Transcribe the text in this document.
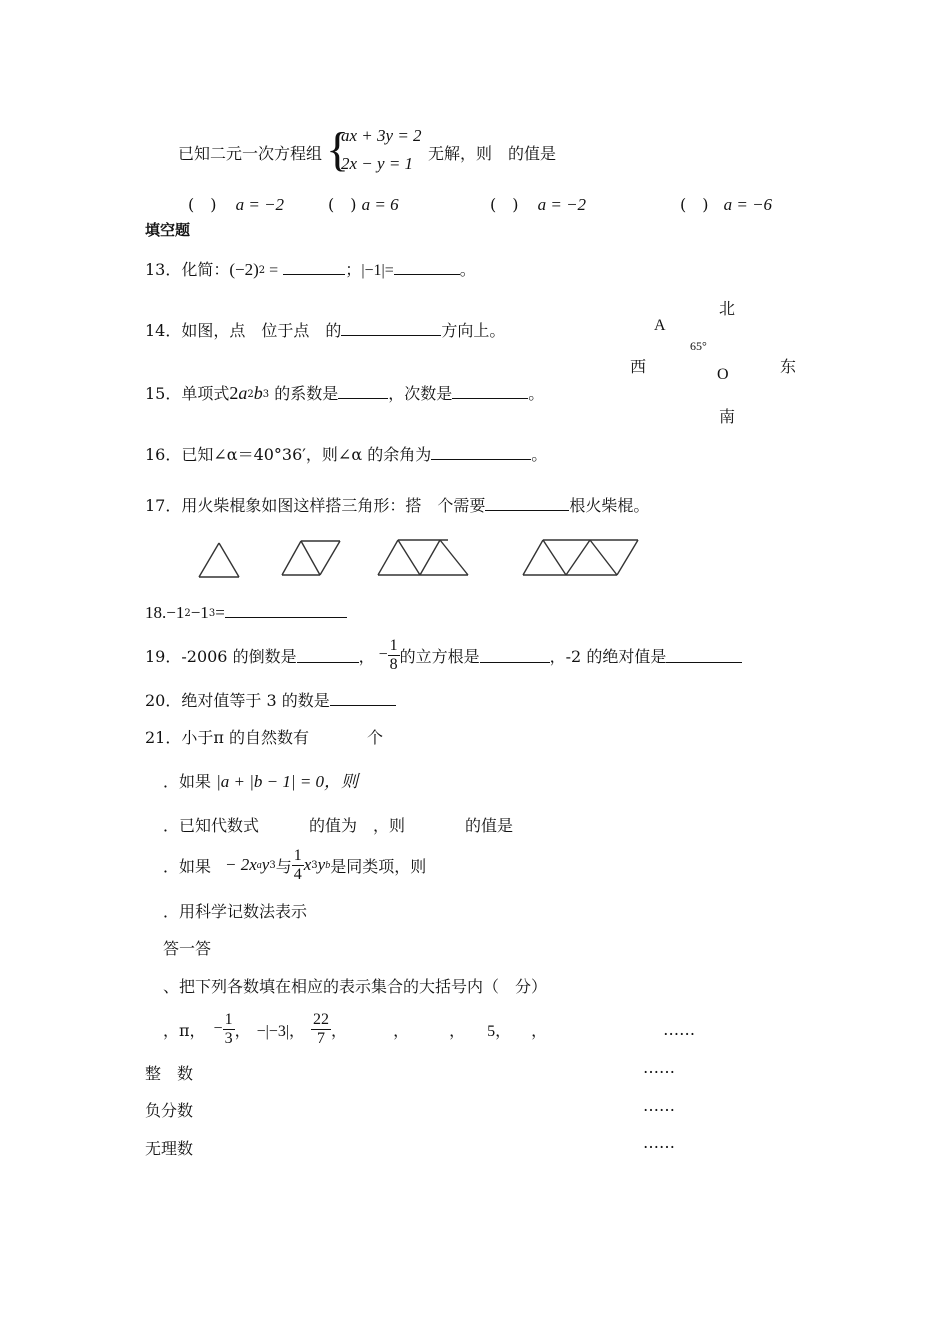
已知二元一次方程组 {
ax + 3y = 2
2x − y = 1
无解，则　的值是
(　) a = −2	(　) a = 6	(　) a = −2	(　) a = −6
填空题
13．化简：$(-2)^2$ =	；|−1|=	。
14．如图，点　位于点　的	方向上。
北
A
65°
西	东
O
南
15．单项式$2a^2b^3$ 的系数是	，次数是	。
16．已知∠α＝40°36′，则∠α 的余角为	。
17．用火柴棍象如图这样搭三角形：搭　个需要	根火柴棍。
$18.-1^2-1^3=$
19．-2006 的倒数是	， − $\frac{1}{8}$ 的立方根是	，-2 的绝对值是
20．绝对值等于 3 的数是
21．小于π 的自然数有	个
．如果 |a + |b − 1| = 0，则
．已知代数式	的值为　，则	的值是
．如果 − 2x a y 3 与 $\frac{1}{4}$ x 3 y b 是同类项，则
．用科学记数法表示
答一答
、把下列各数填在相应的表示集合的大括号内（　分）
，π， − $\frac{1}{3}$ ， −|−3|， $\frac{22}{7}$ ，	，	， 5， ，	……
整　数	……
负分数	……
无理数	……
